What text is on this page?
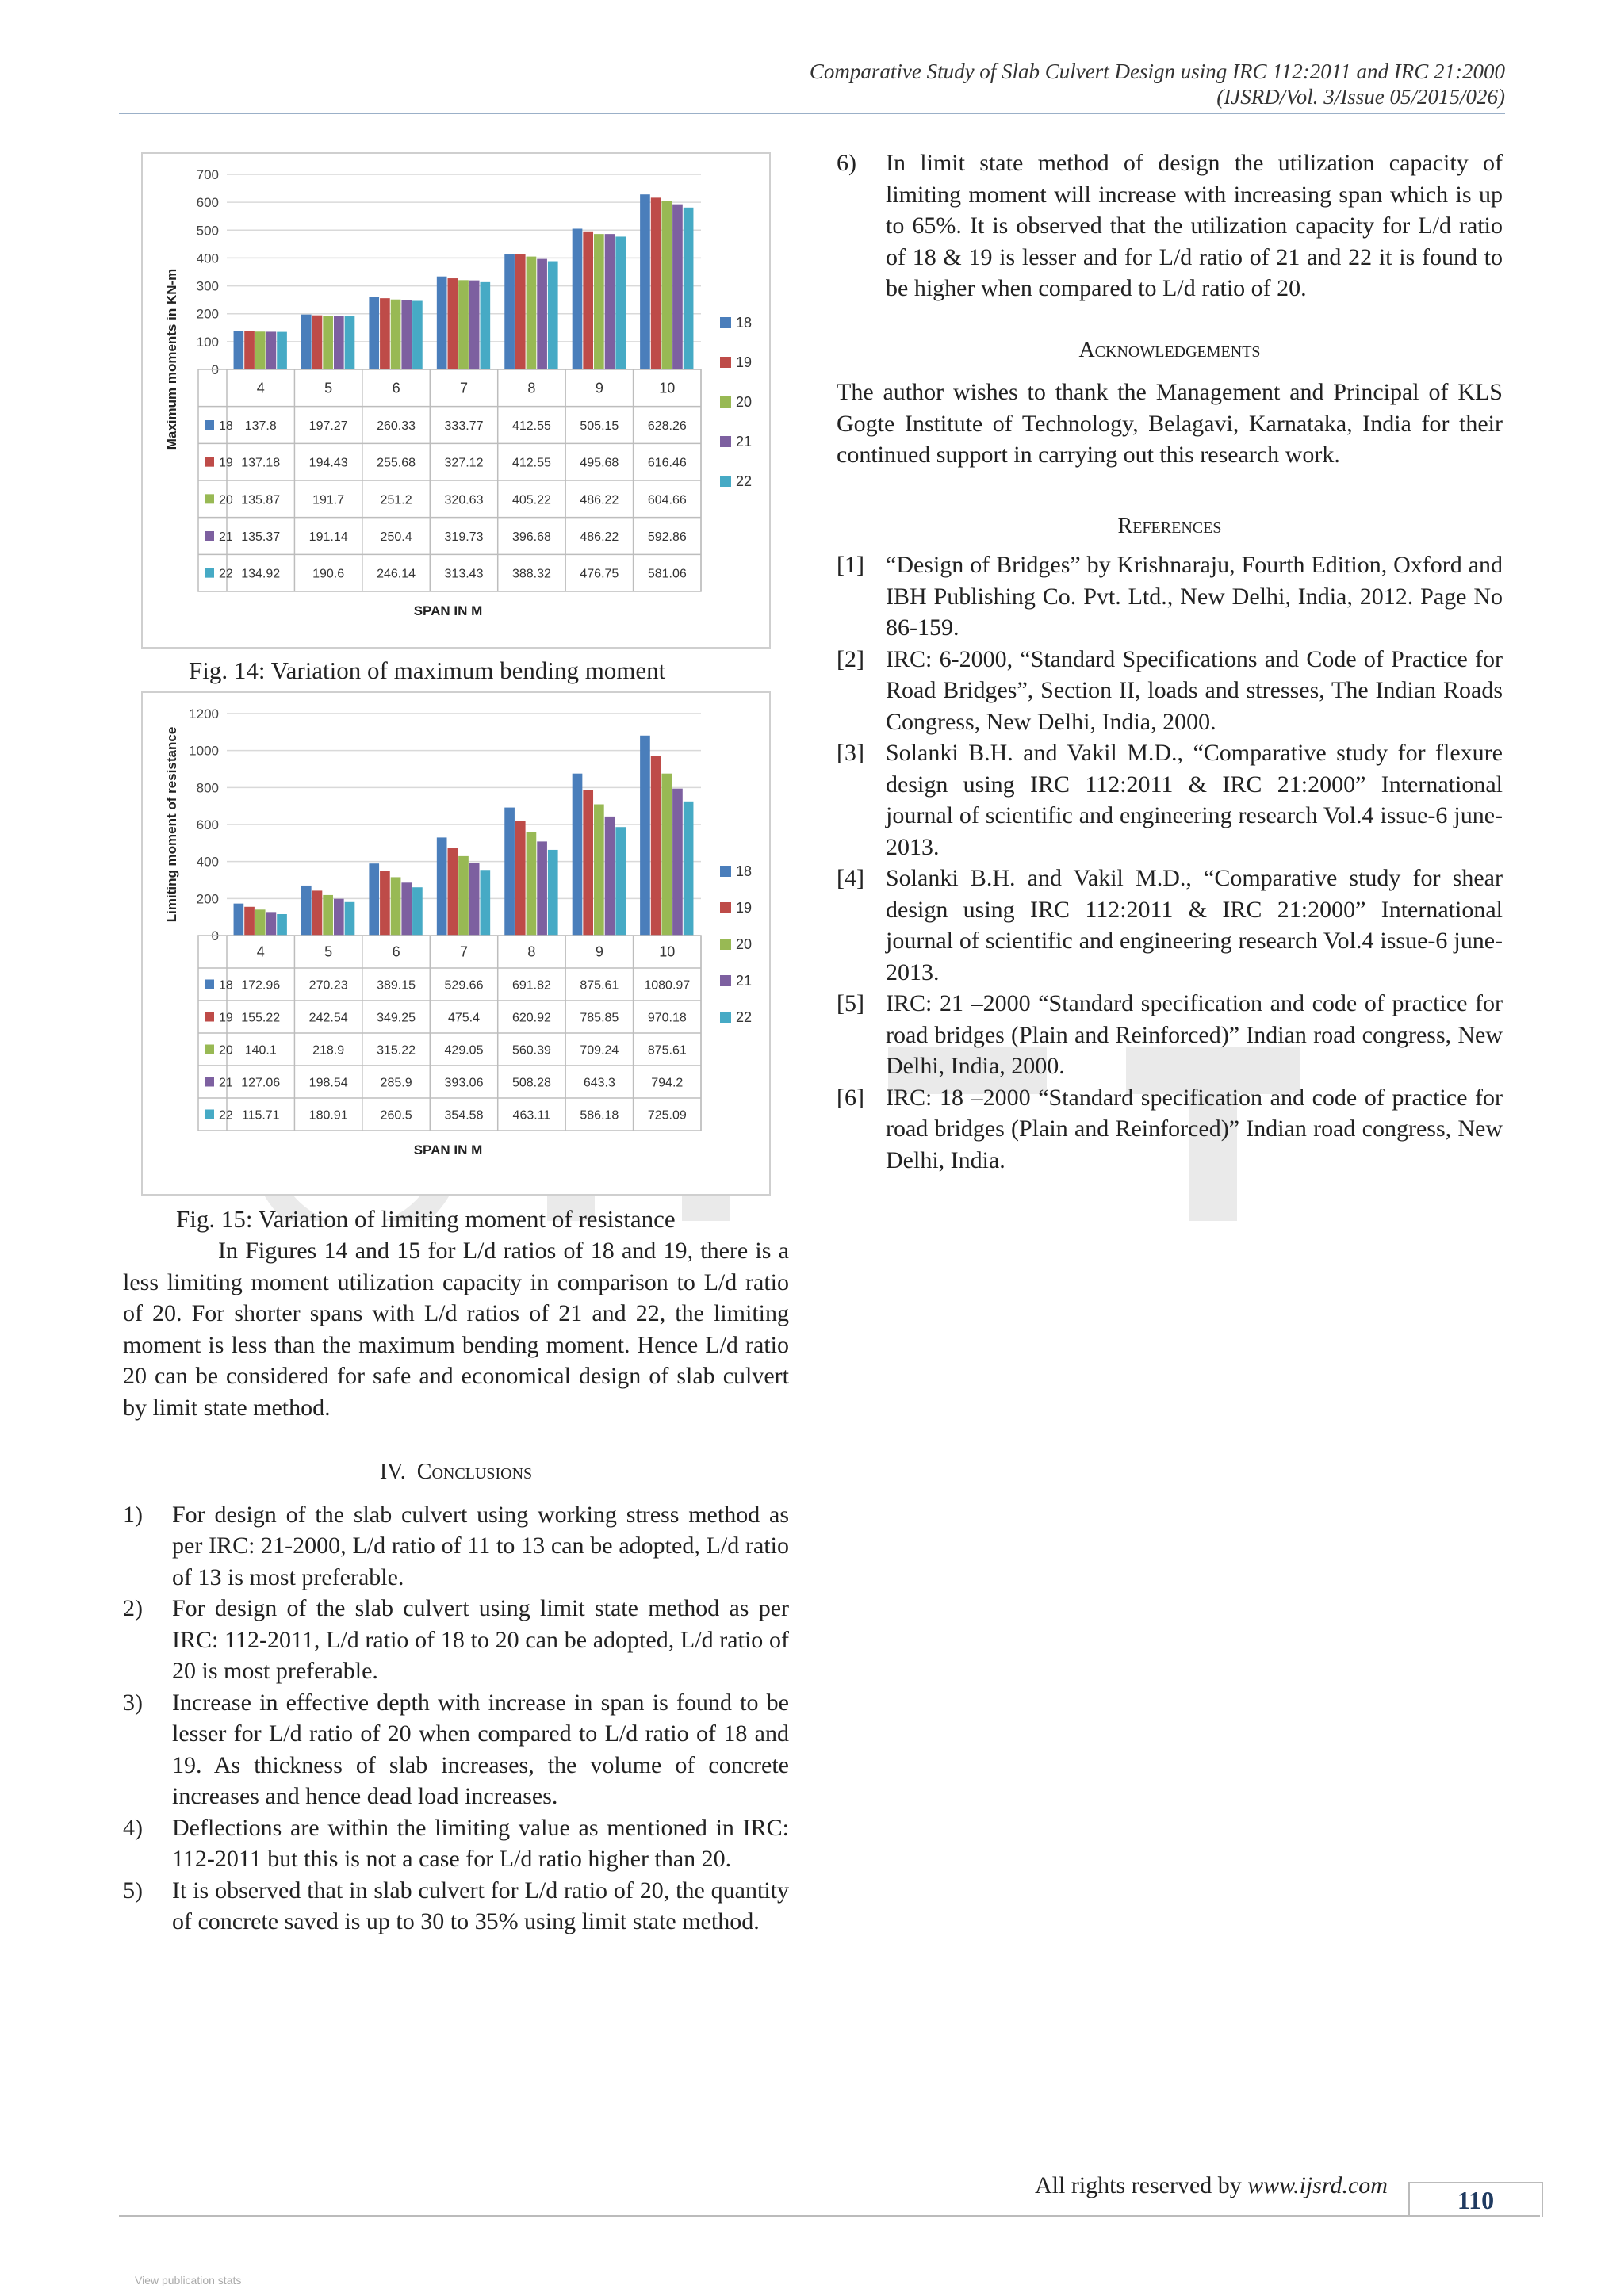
Comparative Study of Slab Culvert Design using IRC 112:2011 and IRC 21:2000
(IJSRD/Vol. 3/Issue 05/2015/026)
0
100
200
300
400
500
600
700
Maximum moments in KN-m	4	5	6	7	8	9	10
18 137.8	197.27 260.33 333.77 412.55 505.15 628.26
19 137.18 194.43 255.68 327.12 412.55 495.68 616.46
20 135.87	191.7	251.2	320.63 405.22 486.22 604.66
21 135.37 191.14	250.4	319.73 396.68 486.22 592.86
22 134.92	190.6	246.14 313.43 388.32 476.75 581.06
SPAN IN M
18
19
20
21
22
Fig. 14: Variation of maximum bending moment
0
200
400
600
800
1000
1200
Limiting moment of resistance
4	5	6	7	8	9	10
18 172.96 270.23 389.15 529.66 691.82 875.61 1080.97
19 155.22 242.54 349.25	475.4	620.92 785.85 970.18
20 140.1	218.9	315.22 429.05 560.39 709.24 875.61
21 127.06 198.54	285.9	393.06 508.28	643.3	794.2
22 115.71 180.91	260.5	354.58 463.11 586.18 725.09
SPAN IN M
18
19
20
21
22
Fig. 15: Variation of limiting moment of resistance

In Figures 14 and 15 for L/d ratios of 18 and 19, there is a less limiting moment utilization capacity in comparison to L/d ratio of 20. For shorter spans with L/d ratios of 21 and 22, the limiting moment is less than the maximum bending moment. Hence L/d ratio 20 can be considered for safe and economical design of slab culvert by limit state method.

IV. Conclusions

1) For design of the slab culvert using working stress method as per IRC: 21-2000, L/d ratio of 11 to 13 can be adopted, L/d ratio of 13 is most preferable.
2) For design of the slab culvert using limit state method as per IRC: 112-2011, L/d ratio of 18 to 20 can be adopted, L/d ratio of 20 is most preferable.
3) Increase in effective depth with increase in span is found to be lesser for L/d ratio of 20 when compared to L/d ratio of 18 and 19. As thickness of slab increases, the volume of concrete increases and hence dead load increases.
4) Deflections are within the limiting value as mentioned in IRC: 112-2011 but this is not a case for L/d ratio higher than 20.
5) It is observed that in slab culvert for L/d ratio of 20, the quantity of concrete saved is up to 30 to 35% using limit state method.
6) In limit state method of design the utilization capacity of limiting moment will increase with increasing span which is up to 65%. It is observed that the utilization capacity for L/d ratio of 18 & 19 is lesser and for L/d ratio of 21 and 22 it is found to be higher when compared to L/d ratio of 20.

Acknowledgements

The author wishes to thank the Management and Principal of KLS Gogte Institute of Technology, Belagavi, Karnataka, India for their continued support in carrying out this research work.

References

[1] “Design of Bridges” by Krishnaraju, Fourth Edition, Oxford and IBH Publishing Co. Pvt. Ltd., New Delhi, India, 2012. Page No 86-159.
[2] IRC: 6-2000, “Standard Specifications and Code of Practice for Road Bridges”, Section II, loads and stresses, The Indian Roads Congress, New Delhi, India, 2000.
[3] Solanki B.H. and Vakil M.D., “Comparative study for flexure design using IRC 112:2011 & IRC 21:2000” International journal of scientific and engineering research Vol.4 issue-6 june-2013.
[4] Solanki B.H. and Vakil M.D., “Comparative study for shear design using IRC 112:2011 & IRC 21:2000” International journal of scientific and engineering research Vol.4 issue-6 june-2013.
[5] IRC: 21 –2000 “Standard specification and code of practice for road bridges (Plain and Reinforced)” Indian road congress, New Delhi, India, 2000.
[6] IRC: 18 –2000 “Standard specification and code of practice for road bridges (Plain and Reinforced)” Indian road congress, New Delhi, India.
All rights reserved by www.ijsrd.com
110
View publication stats
